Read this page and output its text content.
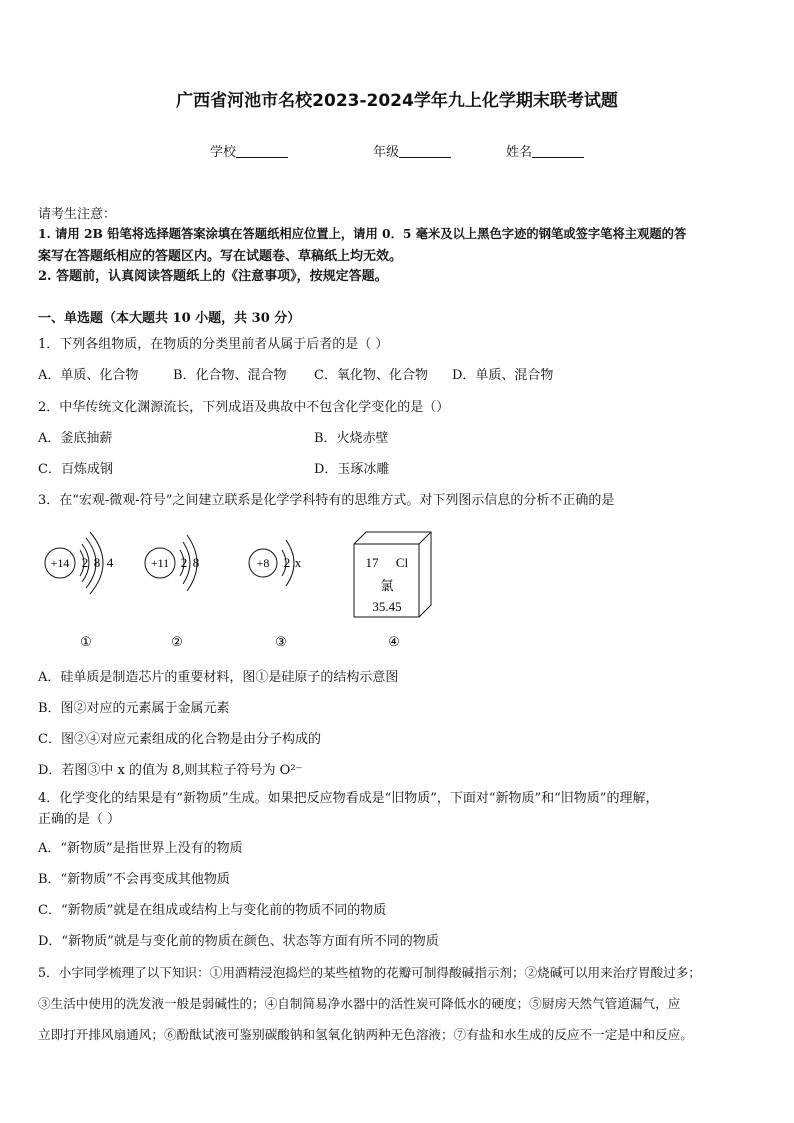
广西省河池市名校2023-2024学年九上化学期末联考试题
学校	年级	姓名
请考生注意：
1. 请用 2B 铅笔将选择题答案涂填在答题纸相应位置上，请用 0．5 毫米及以上黑色字迹的钢笔或签字笔将主观题的答
案写在答题纸相应的答题区内。写在试题卷、草稿纸上均无效。
2. 答题前，认真阅读答题纸上的《注意事项》，按规定答题。
一、单选题（本大题共 10 小题，共 30 分）
1．下列各组物质，在物质的分类里前者从属于后者的是（ ）
A．单质、化合物	B．化合物、混合物 C．氧化物、化合物 D．单质、混合物
2．中华传统文化渊源流长，下列成语及典故中不包含化学变化的是（）
A．釜底抽薪	B．火烧赤壁
C．百炼成钢	D．玉琢冰雕
3．在“宏观-微观-符号”之间建立联系是化学学科特有的思维方式。对下列图示信息的分析不正确的是
+14 2 8 4	+11 2 8	+8 2 x	17 Cl
氯
35.45
①	②	③	④
A．硅单质是制造芯片的重要材料，图①是硅原子的结构示意图
B．图②对应的元素属于金属元素
C．图②④对应元素组成的化合物是由分子构成的
D．若图③中 x 的值为 8,则其粒子符号为 O²⁻
4．化学变化的结果是有“新物质”生成。如果把反应物看成是“旧物质”，下面对“新物质”和“旧物质”的理解，
正确的是（ ）
A．“新物质”是指世界上没有的物质
B．“新物质”不会再变成其他物质
C．“新物质”就是在组成或结构上与变化前的物质不同的物质
D．“新物质”就是与变化前的物质在颜色、状态等方面有所不同的物质
5．小宇同学梳理了以下知识：①用酒精浸泡捣烂的某些植物的花瓣可制得酸碱指示剂；②烧碱可以用来治疗胃酸过多；
③生活中使用的洗发液一般是弱碱性的；④自制简易净水器中的活性炭可降低水的硬度；⑤厨房天然气管道漏气，应
立即打开排风扇通风；⑥酚酞试液可鉴别碳酸钠和氢氧化钠两种无色溶液；⑦有盐和水生成的反应不一定是中和反应。
